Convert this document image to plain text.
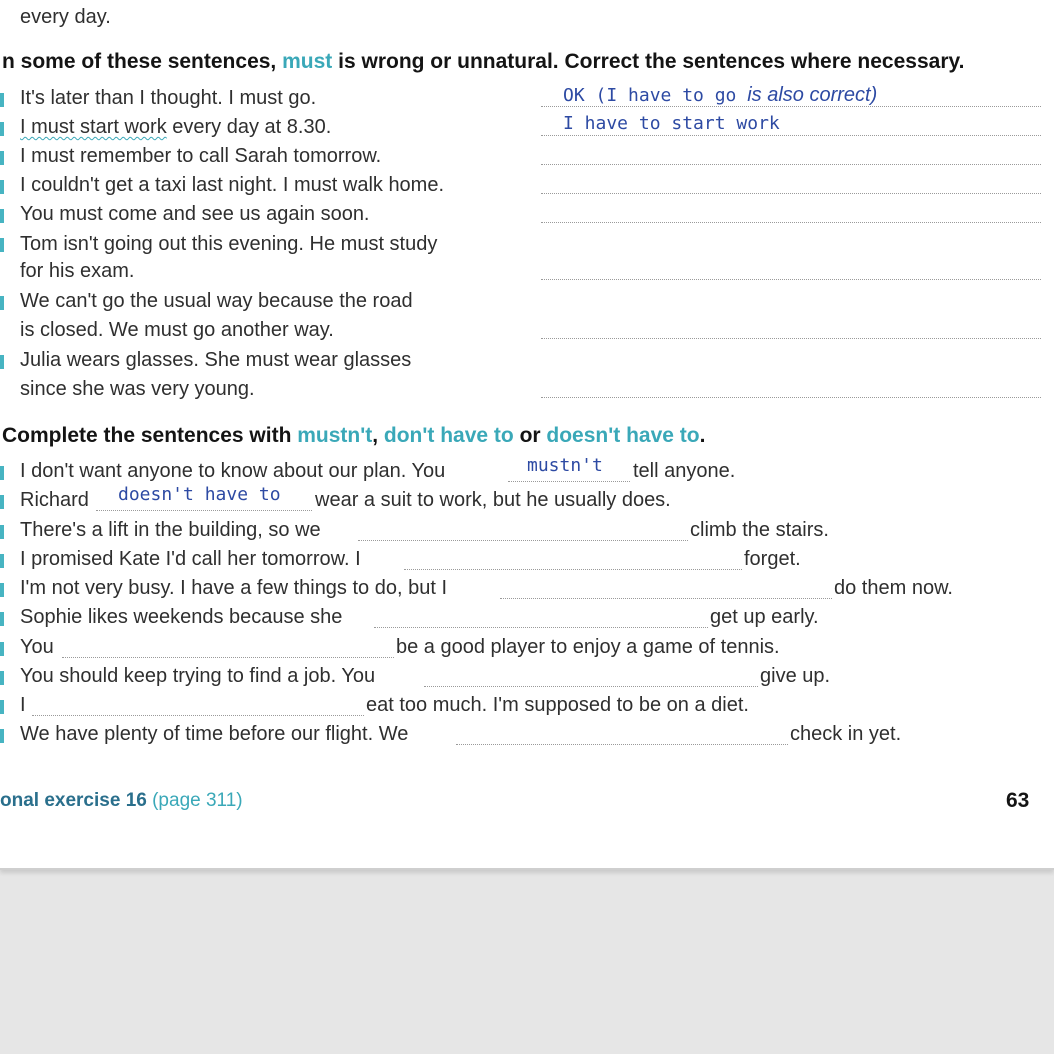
every day.
n some of these sentences, must is wrong or unnatural. Correct the sentences where necessary.
It's later than I thought. I must go.	OK (I have to go is also correct)
I must start work every day at 8.30.	I have to start work
I must remember to call Sarah tomorrow.
I couldn't get a taxi last night. I must walk home.
You must come and see us again soon.
Tom isn't going out this evening. He must study
for his exam.
We can't go the usual way because the road
is closed. We must go another way.
Julia wears glasses. She must wear glasses
since she was very young.
Complete the sentences with mustn't, don't have to or doesn't have to.
I don't want anyone to know about our plan. You	mustn't tell anyone.
Richard doesn't have to wear a suit to work, but he usually does.
There's a lift in the building, so we	climb the stairs.
I promised Kate I'd call her tomorrow. I	forget.
I'm not very busy. I have a few things to do, but I	do them now.
Sophie likes weekends because she	get up early.
You	be a good player to enjoy a game of tennis.
You should keep trying to find a job. You	give up.
I	eat too much. I'm supposed to be on a diet.
We have plenty of time before our flight. We	check in yet.
onal exercise 16 (page 311)	63
